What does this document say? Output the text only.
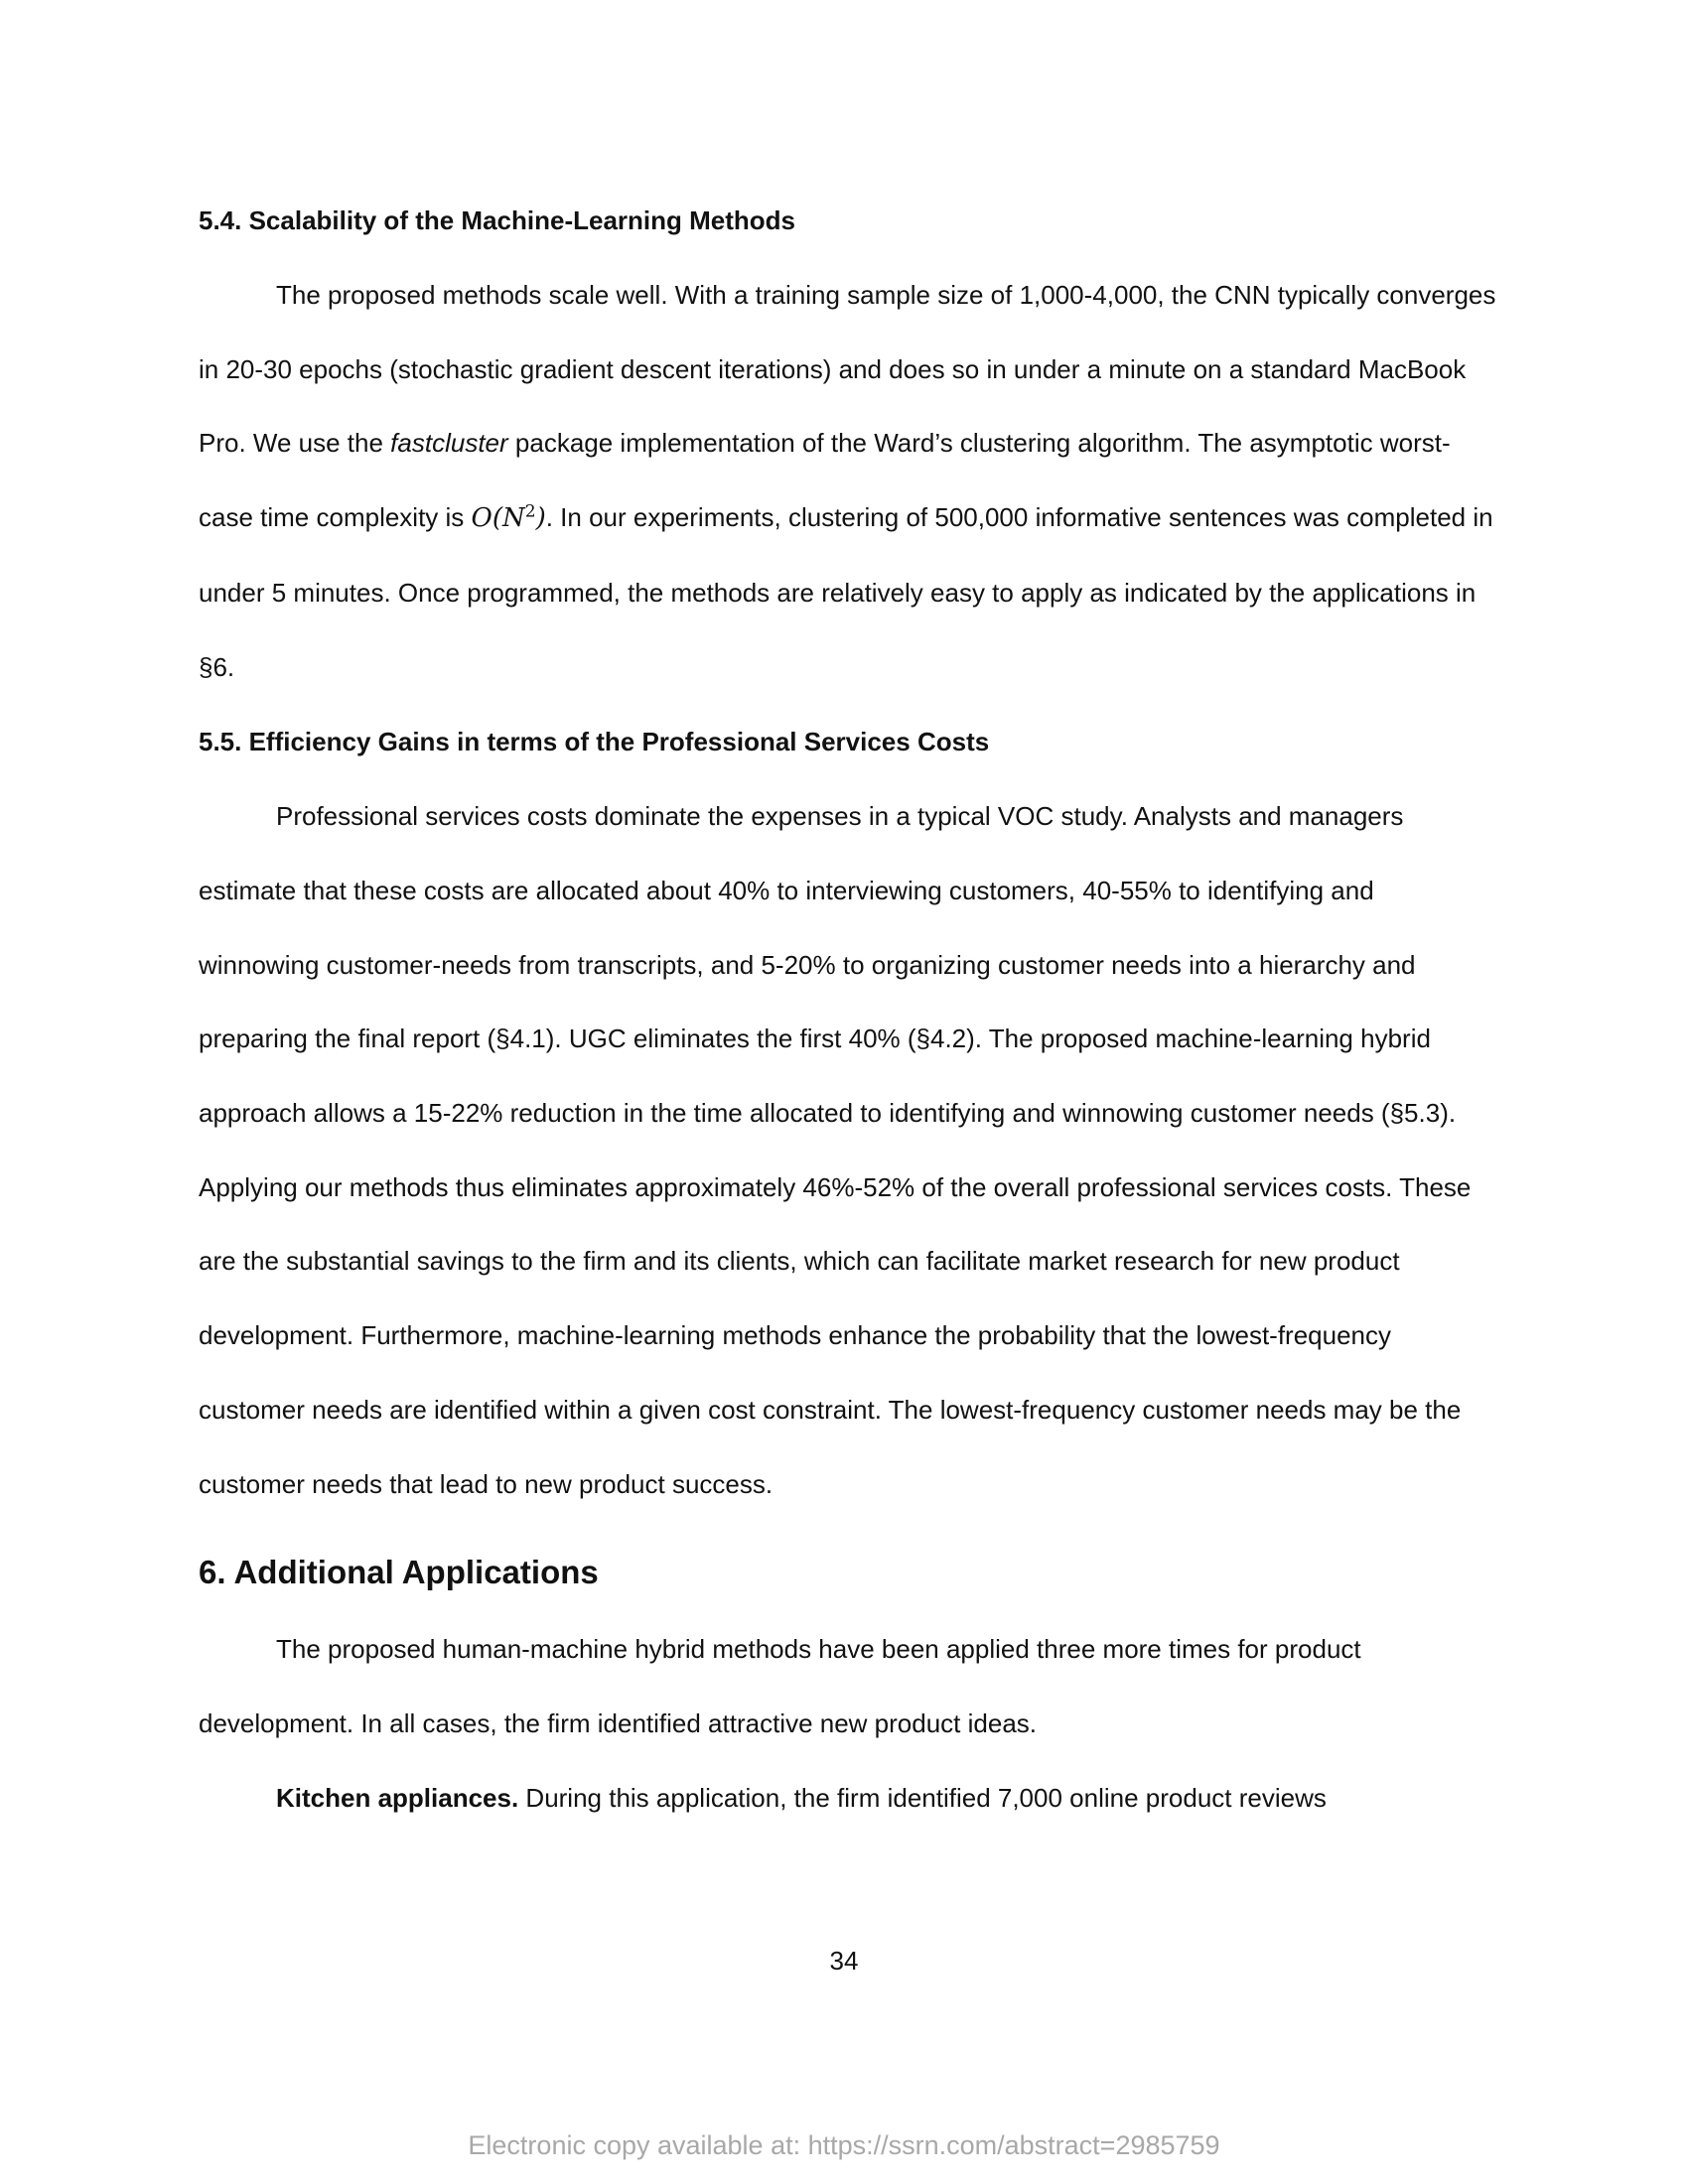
5.4. Scalability of the Machine-Learning Methods

The proposed methods scale well. With a training sample size of 1,000-4,000, the CNN typically converges in 20-30 epochs (stochastic gradient descent iterations) and does so in under a minute on a standard MacBook Pro. We use the fastcluster package implementation of the Ward’s clustering algorithm. The asymptotic worst-case time complexity is $O(N^2)$. In our experiments, clustering of 500,000 informative sentences was completed in under 5 minutes. Once programmed, the methods are relatively easy to apply as indicated by the applications in §6.

5.5. Efficiency Gains in terms of the Professional Services Costs

Professional services costs dominate the expenses in a typical VOC study. Analysts and managers estimate that these costs are allocated about 40% to interviewing customers, 40-55% to identifying and winnowing customer-needs from transcripts, and 5-20% to organizing customer needs into a hierarchy and preparing the final report (§4.1). UGC eliminates the first 40% (§4.2). The proposed machine-learning hybrid approach allows a 15-22% reduction in the time allocated to identifying and winnowing customer needs (§5.3). Applying our methods thus eliminates approximately 46%-52% of the overall professional services costs. These are the substantial savings to the firm and its clients, which can facilitate market research for new product development. Furthermore, machine-learning methods enhance the probability that the lowest-frequency customer needs are identified within a given cost constraint. The lowest-frequency customer needs may be the customer needs that lead to new product success.

6. Additional Applications

The proposed human-machine hybrid methods have been applied three more times for product development. In all cases, the firm identified attractive new product ideas.

Kitchen appliances. During this application, the firm identified 7,000 online product reviews

34
Electronic copy available at: https://ssrn.com/abstract=2985759
